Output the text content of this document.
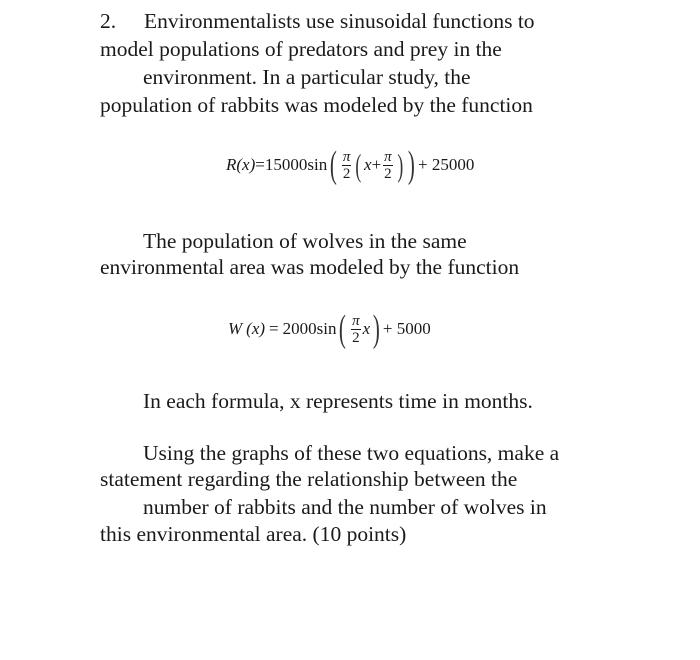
2. Environmentalists use sinusoidal functions to
model populations of predators and prey in the
environment. In a particular study, the
population of rabbits was modeled by the function
R (x) = 15000 sin ( $\frac{\pi}{2}$ ( $x + \frac{\pi}{2}$ ) ) + 25000
The population of wolves in the same
environmental area was modeled by the function
W (x) = 2000 sin ( $\frac{\pi}{2}$ x ) + 5000
In each formula, x represents time in months.
Using the graphs of these two equations, make a
statement regarding the relationship between the
number of rabbits and the number of wolves in
this environmental area. (10 points)
